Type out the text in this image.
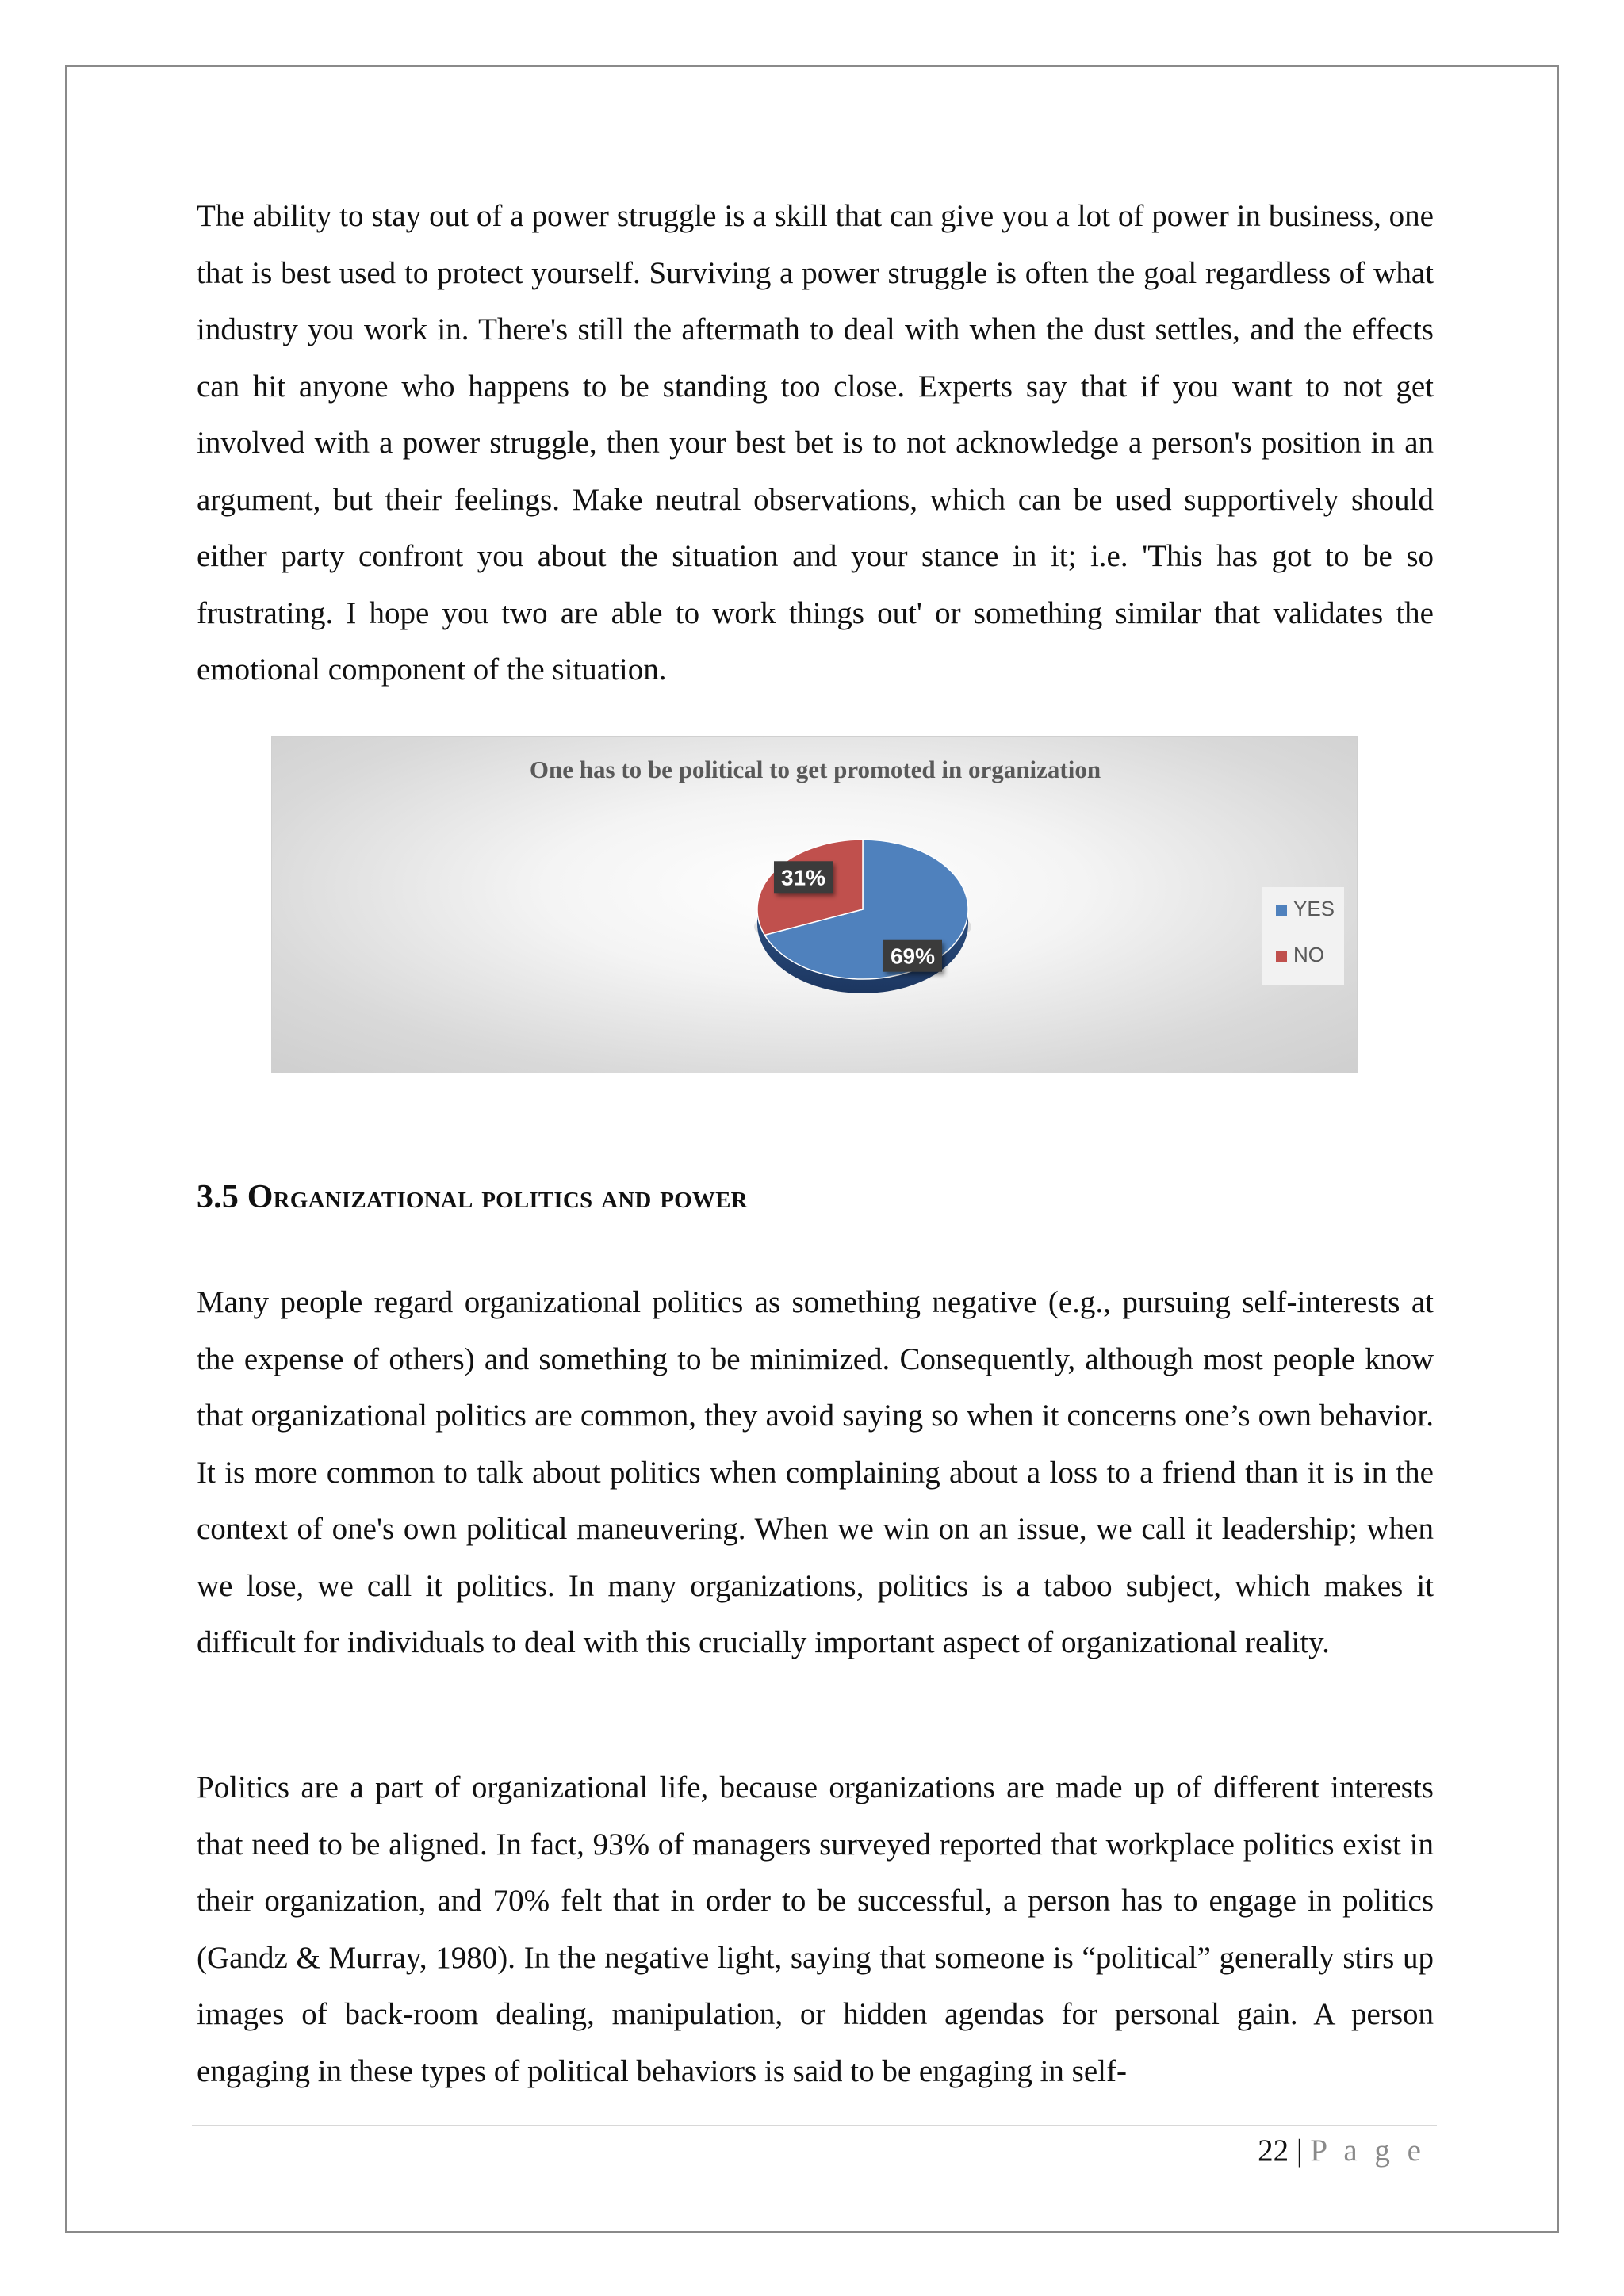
The ability to stay out of a power struggle is a skill that can give you a lot of power in business, one that is best used to protect yourself. Surviving a power struggle is often the goal regardless of what industry you work in. There's still the aftermath to deal with when the dust settles, and the effects can hit anyone who happens to be standing too close. Experts say that if you want to not get involved with a power struggle, then your best bet is to not acknowledge a person's position in an argument, but their feelings. Make neutral observations, which can be used supportively should either party confront you about the situation and your stance in it; i.e. 'This has got to be so frustrating. I hope you two are able to work things out' or something similar that validates the emotional component of the situation.

One has to be political to get promoted in organization
69%
31%
YES
NO
3.5 Organizational politics and power

Many people regard organizational politics as something negative (e.g., pursuing self-interests at the expense of others) and something to be minimized. Consequently, although most people know that organizational politics are common, they avoid saying so when it concerns one’s own behavior. It is more common to talk about politics when complaining about a loss to a friend than it is in the context of one's own political maneuvering. When we win on an issue, we call it leadership; when we lose, we call it politics. In many organizations, politics is a taboo subject, which makes it difficult for individuals to deal with this crucially important aspect of organizational reality.

Politics are a part of organizational life, because organizations are made up of different interests that need to be aligned. In fact, 93% of managers surveyed reported that workplace politics exist in their organization, and 70% felt that in order to be successful, a person has to engage in politics (Gandz & Murray, 1980). In the negative light, saying that someone is “political” generally stirs up images of back-room dealing, manipulation, or hidden agendas for personal gain. A person engaging in these types of political behaviors is said to be engaging in self-

22 | P a g e
